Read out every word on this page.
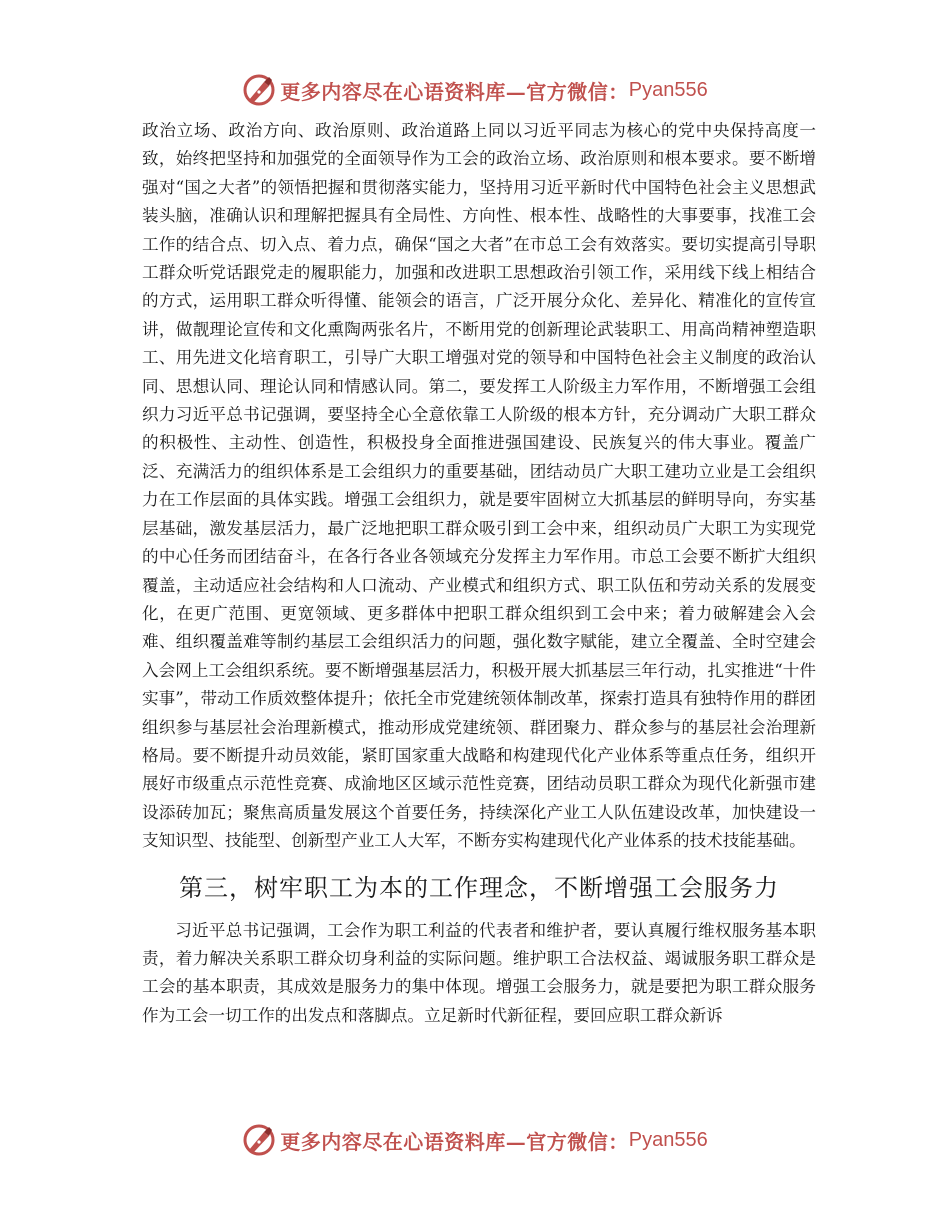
更多内容尽在心语资料库—官方微信： Pyan556

政治立场、政治方向、政治原则、政治道路上同以习近平同志为核心的党中央保持高度一致，始终把坚持和加强党的全面领导作为工会的政治立场、政治原则和根本要求。要不断增强对“国之大者”的领悟把握和贯彻落实能力，坚持用习近平新时代中国特色社会主义思想武装头脑，准确认识和理解把握具有全局性、方向性、根本性、战略性的大事要事，找准工会工作的结合点、切入点、着力点，确保“国之大者”在市总工会有效落实。要切实提高引导职工群众听党话跟党走的履职能力，加强和改进职工思想政治引领工作，采用线下线上相结合的方式，运用职工群众听得懂、能领会的语言，广泛开展分众化、差异化、精准化的宣传宣讲，做靓理论宣传和文化熏陶两张名片，不断用党的创新理论武装职工、用高尚精神塑造职工、用先进文化培育职工，引导广大职工增强对党的领导和中国特色社会主义制度的政治认同、思想认同、理论认同和情感认同。第二，要发挥工人阶级主力军作用，不断增强工会组织力习近平总书记强调，要坚持全心全意依靠工人阶级的根本方针，充分调动广大职工群众的积极性、主动性、创造性，积极投身全面推进强国建设、民族复兴的伟大事业。覆盖广泛、充满活力的组织体系是工会组织力的重要基础，团结动员广大职工建功立业是工会组织力在工作层面的具体实践。增强工会组织力，就是要牢固树立大抓基层的鲜明导向，夯实基层基础，激发基层活力，最广泛地把职工群众吸引到工会中来，组织动员广大职工为实现党的中心任务而团结奋斗，在各行各业各领域充分发挥主力军作用。市总工会要不断扩大组织覆盖，主动适应社会结构和人口流动、产业模式和组织方式、职工队伍和劳动关系的发展变化，在更广范围、更宽领域、更多群体中把职工群众组织到工会中来；着力破解建会入会难、组织覆盖难等制约基层工会组织活力的问题，强化数字赋能，建立全覆盖、全时空建会入会网上工会组织系统。要不断增强基层活力，积极开展大抓基层三年行动，扎实推进“十件实事”，带动工作质效整体提升；依托全市党建统领体制改革，探索打造具有独特作用的群团组织参与基层社会治理新模式，推动形成党建统领、群团聚力、群众参与的基层社会治理新格局。要不断提升动员效能，紧盯国家重大战略和构建现代化产业体系等重点任务，组织开展好市级重点示范性竞赛、成渝地区区域示范性竞赛，团结动员职工群众为现代化新强市建设添砖加瓦；聚焦高质量发展这个首要任务，持续深化产业工人队伍建设改革，加快建设一支知识型、技能型、创新型产业工人大军，不断夯实构建现代化产业体系的技术技能基础。

第三，树牢职工为本的工作理念，不断增强工会服务力

习近平总书记强调，工会作为职工利益的代表者和维护者，要认真履行维权服务基本职责，着力解决关系职工群众切身利益的实际问题。维护职工合法权益、竭诚服务职工群众是工会的基本职责，其成效是服务力的集中体现。增强工会服务力，就是要把为职工群众服务作为工会一切工作的出发点和落脚点。立足新时代新征程，要回应职工群众新诉

更多内容尽在心语资料库—官方微信： Pyan556
